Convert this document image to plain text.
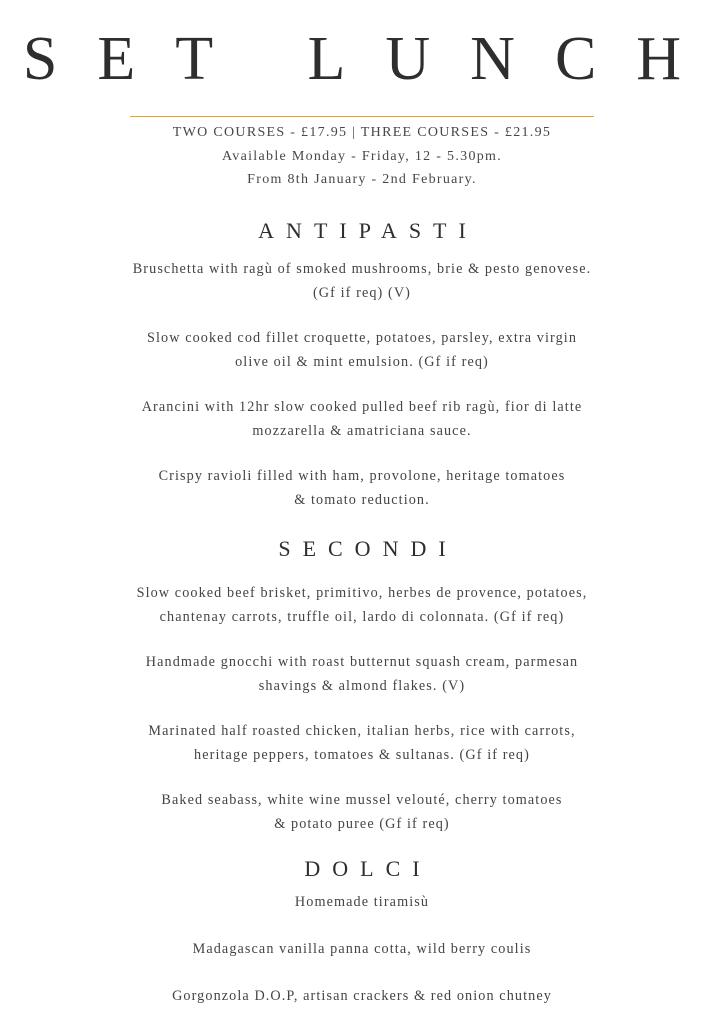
SET LUNCH
TWO COURSES - £17.95 | THREE COURSES - £21.95
Available Monday - Friday, 12 - 5.30pm.
From 8th January - 2nd February.
ANTIPASTI
Bruschetta with ragù of smoked mushrooms, brie & pesto genovese.
(Gf if req) (V)
Slow cooked cod fillet croquette, potatoes, parsley, extra virgin
olive oil & mint emulsion. (Gf if req)
Arancini with 12hr slow cooked pulled beef rib ragù, fior di latte
mozzarella & amatriciana sauce.
Crispy ravioli filled with ham, provolone, heritage tomatoes
& tomato reduction.
SECONDI
Slow cooked beef brisket, primitivo, herbes de provence, potatoes,
chantenay carrots, truffle oil, lardo di colonnata. (Gf if req)
Handmade gnocchi with roast butternut squash cream, parmesan
shavings & almond flakes. (V)
Marinated half roasted chicken, italian herbs, rice with carrots,
heritage peppers, tomatoes & sultanas. (Gf if req)
Baked seabass, white wine mussel velouté, cherry tomatoes
& potato puree (Gf if req)
DOLCI
Homemade tiramisù
Madagascan vanilla panna cotta, wild berry coulis
Gorgonzola D.O.P, artisan crackers & red onion chutney
